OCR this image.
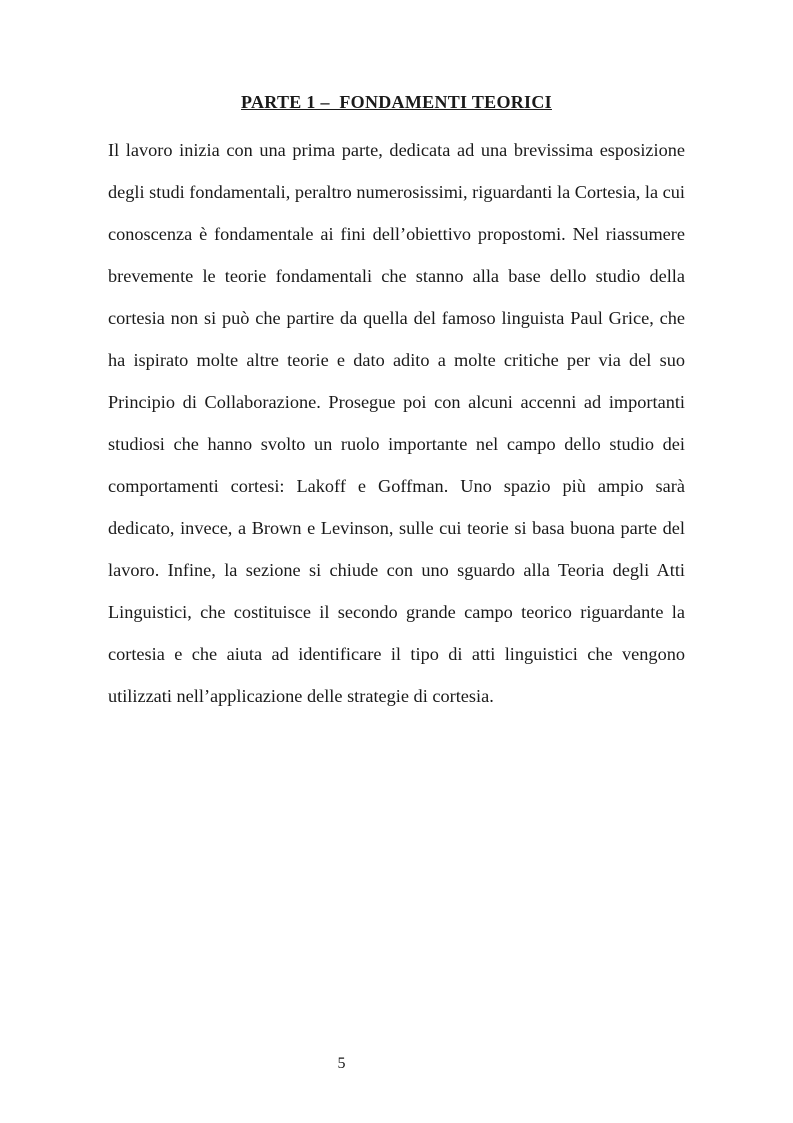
PARTE 1 –  FONDAMENTI TEORICI

Il lavoro inizia con una prima parte, dedicata ad una brevissima esposizione degli studi fondamentali, peraltro numerosissimi, riguardanti la Cortesia, la cui conoscenza è fondamentale ai fini dell’obiettivo propostomi. Nel riassumere brevemente le teorie fondamentali che stanno alla base dello studio della cortesia non si può che partire da quella del famoso linguista Paul Grice, che ha ispirato molte altre teorie e dato adito a molte critiche per via del suo Principio di Collaborazione. Prosegue poi con alcuni accenni ad importanti studiosi che hanno svolto un ruolo importante nel campo dello studio dei comportamenti cortesi: Lakoff e Goffman. Uno spazio più ampio sarà dedicato, invece, a Brown e Levinson, sulle cui teorie si basa buona parte del lavoro. Infine, la sezione si chiude con uno sguardo alla Teoria degli Atti Linguistici, che costituisce il secondo grande campo teorico riguardante la cortesia e che aiuta ad identificare il tipo di atti linguistici che vengono utilizzati nell’applicazione delle strategie di cortesia.

5
